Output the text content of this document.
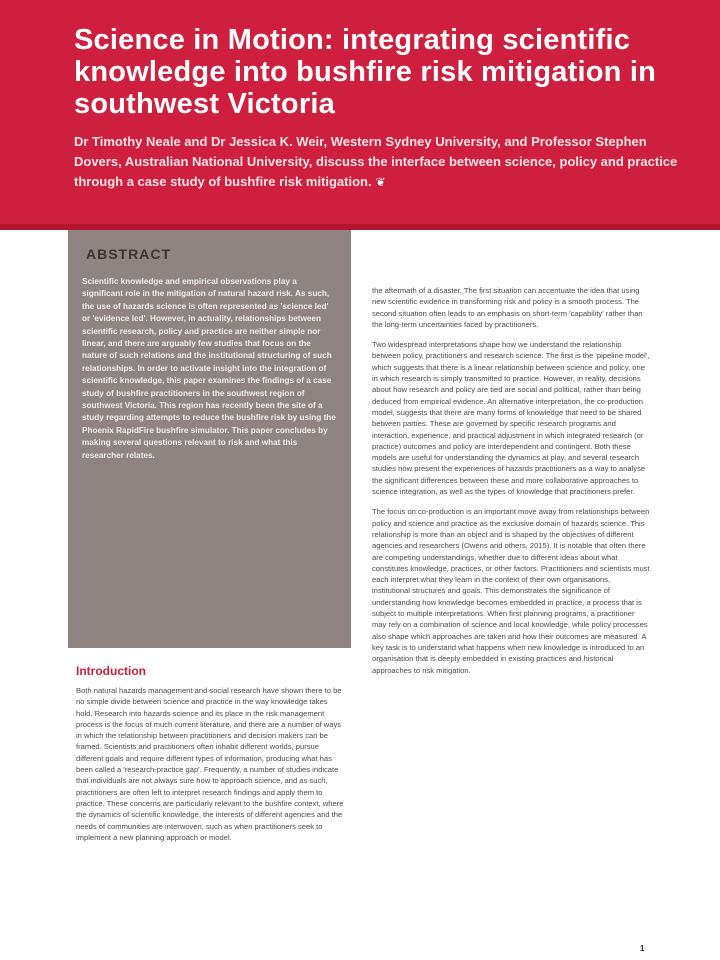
Science in Motion: integrating scientific knowledge into bushfire risk mitigation in southwest Victoria

Dr Timothy Neale and Dr Jessica K. Weir, Western Sydney University, and Professor Stephen Dovers, Australian National University, discuss the interface between science, policy and practice through a case study of bushfire risk mitigation. ❦

ABSTRACT

Scientific knowledge and empirical observations play a significant role in the mitigation of natural hazard risk. As such, the use of hazards science is often represented as 'science led' or 'evidence led'. However, in actuality, relationships between scientific research, policy and practice are neither simple nor linear, and there are arguably few studies that focus on the nature of such relations and the institutional structuring of such relationships. In order to activate insight into the integration of scientific knowledge, this paper examines the findings of a case study of bushfire practitioners in the southwest region of southwest Victoria. This region has recently been the site of a study regarding attempts to reduce the bushfire risk by using the Phoenix RapidFire bushfire simulator. This paper concludes by making several questions relevant to risk and what this researcher relates.

the aftermath of a disaster. The first situation can accentuate the idea that using new scientific evidence in transforming risk and policy is a smooth process. The second situation often leads to an emphasis on short-term 'capability' rather than the long-term uncertainties faced by practitioners.

Two widespread interpretations shape how we understand the relationship between policy, practitioners and research science. The first is the 'pipeline model', which suggests that there is a linear relationship between science and policy, one in which research is simply transmitted to practice. However, in reality, decisions about how research and policy are tied are social and political, rather than being deduced from empirical evidence. An alternative interpretation, the co-production model, suggests that there are many forms of knowledge that need to be shared between parties. These are governed by specific research programs and interaction, experience, and practical adjustment in which integrated research (or practice) outcomes and policy are interdependent and contingent. Both these models are useful for understanding the dynamics at play, and several research studies now present the experiences of hazards practitioners as a way to analyse the significant differences between these and more collaborative approaches to science integration, as well as the types of knowledge that practitioners prefer.

The focus on co-production is an important move away from relationships between policy and science and practice as the exclusive domain of hazards science. This relationship is more than an object and is shaped by the objectives of different agencies and researchers (Owens and others, 2015). It is notable that often there are competing understandings, whether due to different ideas about what constitutes knowledge, practices, or other factors. Practitioners and scientists must each interpret what they learn in the context of their own organisations, institutional structures and goals. This demonstrates the significance of understanding how knowledge becomes embedded in practice, a process that is subject to multiple interpretations. When first planning programs, a practitioner may rely on a combination of science and local knowledge, while policy processes also shape which approaches are taken and how their outcomes are measured. A key task is to understand what happens when new knowledge is introduced to an organisation that is deeply embedded in existing practices and historical approaches to risk mitigation.

Introduction

Both natural hazards management and social research have shown there to be no simple divide between science and practice in the way knowledge takes hold. Research into hazards science and its place in the risk management process is the focus of much current literature, and there are a number of ways in which the relationship between practitioners and decision makers can be framed. Scientists and practitioners often inhabit different worlds, pursue different goals and require different types of information, producing what has been called a 'research-practice gap'. Frequently, a number of studies indicate that individuals are not always sure how to approach science, and as such, practitioners are often left to interpret research findings and apply them to practice. These concerns are particularly relevant to the bushfire context, where the dynamics of scientific knowledge, the interests of different agencies and the needs of communities are interwoven, such as when practitioners seek to implement a new planning approach or model.

1
